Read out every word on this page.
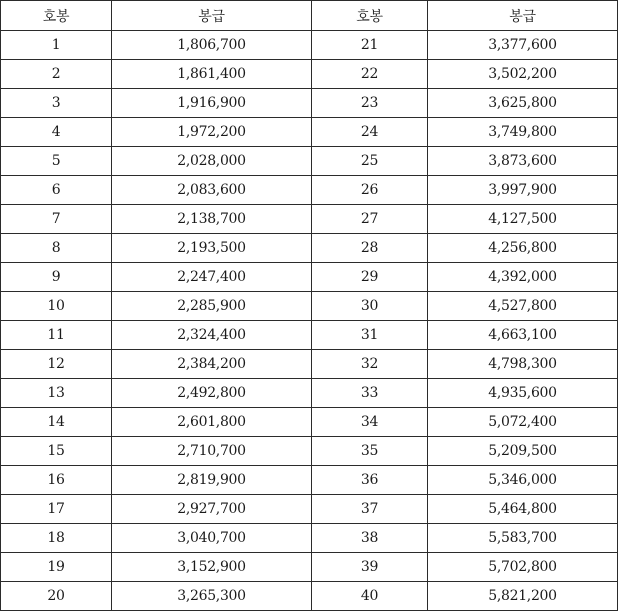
호봉	봉급	호봉	봉급
1	1,806,700	21	3,377,600
2	1,861,400	22	3,502,200
3	1,916,900	23	3,625,800
4	1,972,200	24	3,749,800
5	2,028,000	25	3,873,600
6	2,083,600	26	3,997,900
7	2,138,700	27	4,127,500
8	2,193,500	28	4,256,800
9	2,247,400	29	4,392,000
10	2,285,900	30	4,527,800
11	2,324,400	31	4,663,100
12	2,384,200	32	4,798,300
13	2,492,800	33	4,935,600
14	2,601,800	34	5,072,400
15	2,710,700	35	5,209,500
16	2,819,900	36	5,346,000
17	2,927,700	37	5,464,800
18	3,040,700	38	5,583,700
19	3,152,900	39	5,702,800
20	3,265,300	40	5,821,200
